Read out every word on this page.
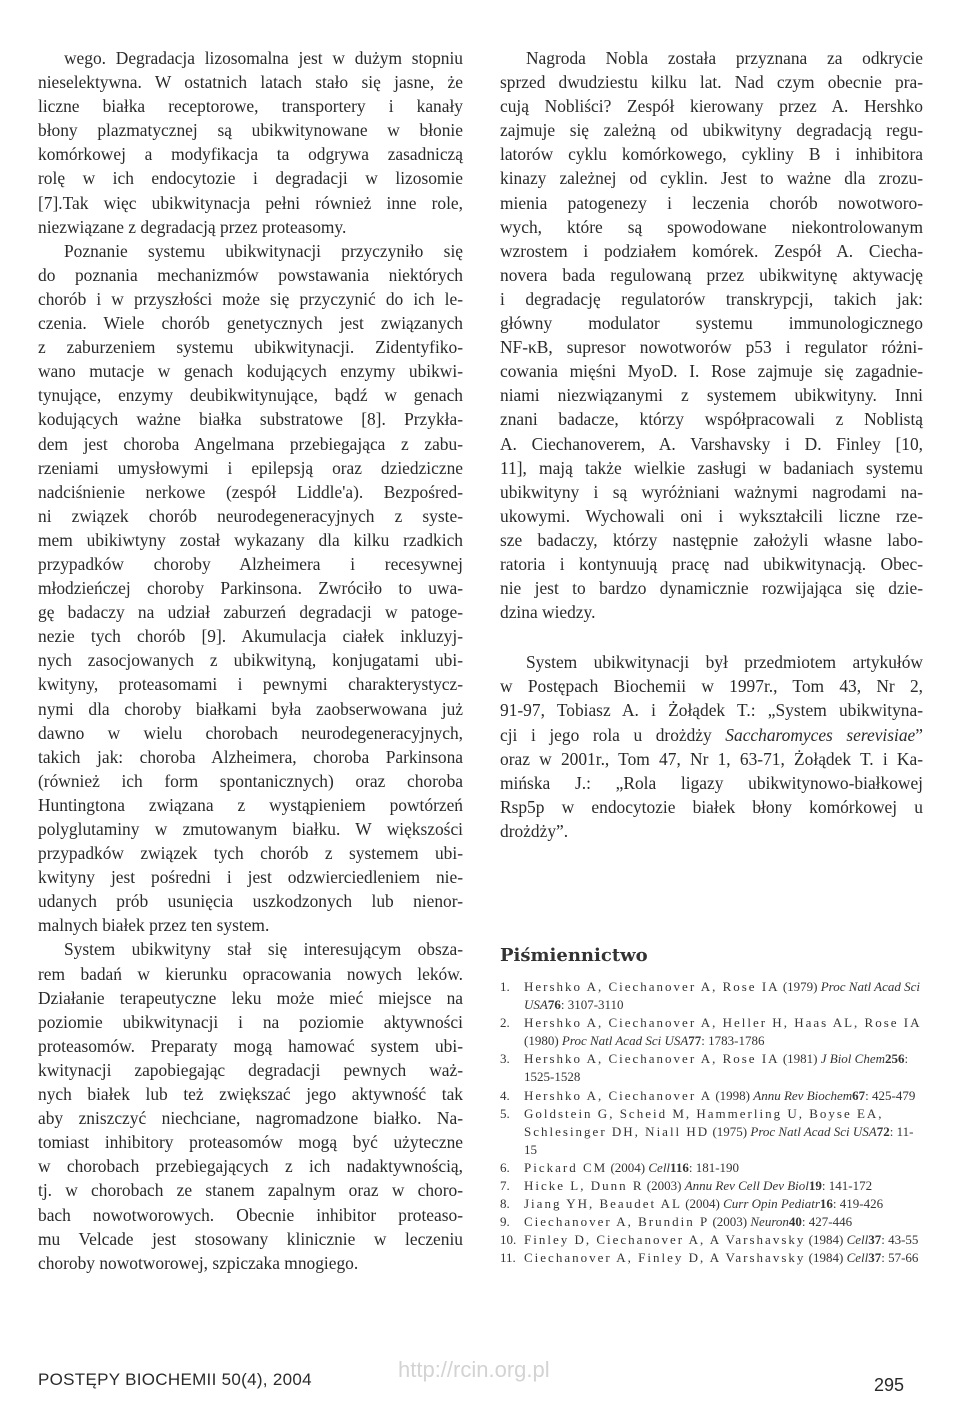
wego. Degradacja lizosomalna jest w dużym stopniu
nieselektywna. W ostatnich latach stało się jasne, że
liczne białka receptorowe, transportery i kanały
błony plazmatycznej są ubikwitynowane w błonie
komórkowej a modyfikacja ta odgrywa zasadniczą
rolę w ich endocytozie i degradacji w lizosomie
[7].Tak więc ubikwitynacja pełni również inne role,
niezwiązane z degradacją przez proteasomy.
Poznanie systemu ubikwitynacji przyczyniło się
do poznania mechanizmów powstawania niektórych
chorób i w przyszłości może się przyczynić do ich le-
czenia. Wiele chorób genetycznych jest związanych
z zaburzeniem systemu ubikwitynacji. Zidentyfiko-
wano mutacje w genach kodujących enzymy ubikwi-
tynujące, enzymy deubikwitynujące, bądź w genach
kodujących ważne białka substratowe [8]. Przykła-
dem jest choroba Angelmana przebiegająca z zabu-
rzeniami umysłowymi i epilepsją oraz dziedziczne
nadciśnienie nerkowe (zespół Liddle'a). Bezpośred-
ni związek chorób neurodegeneracyjnych z syste-
mem ubikiwtyny został wykazany dla kilku rzadkich
przypadków choroby Alzheimera i recesywnej
młodzieńczej choroby Parkinsona. Zwróciło to uwa-
gę badaczy na udział zaburzeń degradacji w patoge-
nezie tych chorób [9]. Akumulacja ciałek inkluzyj-
nych zasocjowanych z ubikwityną, konjugatami ubi-
kwityny, proteasomami i pewnymi charakterystycz-
nymi dla choroby białkami była zaobserwowana już
dawno w wielu chorobach neurodegeneracyjnych,
takich jak: choroba Alzheimera, choroba Parkinsona
(również ich form spontanicznych) oraz choroba
Huntingtona związana z wystąpieniem powtórzeń
polyglutaminy w zmutowanym białku. W większości
przypadków związek tych chorób z systemem ubi-
kwityny jest pośredni i jest odzwierciedleniem nie-
udanych prób usunięcia uszkodzonych lub nienor-
malnych białek przez ten system.
System ubikwityny stał się interesującym obsza-
rem badań w kierunku opracowania nowych leków.
Działanie terapeutyczne leku może mieć miejsce na
poziomie ubikwitynacji i na poziomie aktywności
proteasomów. Preparaty mogą hamować system ubi-
kwitynacji zapobiegając degradacji pewnych waż-
nych białek lub też zwiększać jego aktywność tak
aby zniszczyć niechciane, nagromadzone białko. Na-
tomiast inhibitory proteasomów mogą być użyteczne
w chorobach przebiegających z ich nadaktywnością,
tj. w chorobach ze stanem zapalnym oraz w choro-
bach nowotworowych. Obecnie inhibitor proteaso-
mu Velcade jest stosowany klinicznie w leczeniu
choroby nowotworowej, szpiczaka mnogiego.
Nagroda Nobla została przyznana za odkrycie
sprzed dwudziestu kilku lat. Nad czym obecnie pra-
cują Nobliści? Zespół kierowany przez A. Hershko
zajmuje się zależną od ubikwityny degradacją regu-
latorów cyklu komórkowego, cykliny B i inhibitora
kinazy zależnej od cyklin. Jest to ważne dla zrozu-
mienia patogenezy i leczenia chorób nowotworo-
wych, które są spowodowane niekontrolowanym
wzrostem i podziałem komórek. Zespół A. Ciecha-
novera bada regulowaną przez ubikwitynę aktywację
i degradację regulatorów transkrypcji, takich jak:
główny modulator systemu immunologicznego
NF-κB, supresor nowotworów p53 i regulator różni-
cowania mięśni MyoD. I. Rose zajmuje się zagadnie-
niami niezwiązanymi z systemem ubikwityny. Inni
znani badacze, którzy współpracowali z Noblistą
A. Ciechanoverem, A. Varshavsky i D. Finley [10,
11], mają także wielkie zasługi w badaniach systemu
ubikwityny i są wyróżniani ważnymi nagrodami na-
ukowymi. Wychowali oni i wykształcili liczne rze-
sze badaczy, którzy następnie założyli własne labo-
ratoria i kontynuują pracę nad ubikwitynacją. Obec-
nie jest to bardzo dynamicznie rozwijająca się dzie-
dzina wiedzy.
System ubikwitynacji był przedmiotem artykułów
w Postępach Biochemii w 1997r., Tom 43, Nr 2,
91-97, Tobiasz A. i Żołądek T.: „System ubikwityna-
cji i jego rola u drożdży Saccharomyces serevisiae”
oraz w 2001r., Tom 47, Nr 1, 63-71, Żołądek T. i Ka-
mińska J.: „Rola ligazy ubikwitynowo-białkowej
Rsp5p w endocytozie białek błony komórkowej u
drożdży”.
Piśmiennictwo
1.	Hershko A, Ciechanover A, Rose IA (1979) Proc Natl Acad Sci USA76: 3107-3110
2.	Hershko A, Ciechanover A, Heller H, Haas AL, Rose IA (1980) Proc Natl Acad Sci USA77: 1783-1786
3.	Hershko A, Ciechanover A, Rose IA (1981) J Biol Chem256: 1525-1528
4.	Hershko A, Ciechanover A (1998) Annu Rev Biochem67: 425-479
5.	Goldstein G, Scheid M, Hammerling U, Boyse EA, Schlesinger DH, Niall HD (1975) Proc Natl Acad Sci USA72: 11-15
6.	Pickard CM (2004) Cell116: 181-190
7.	Hicke L, Dunn R (2003) Annu Rev Cell Dev Biol19: 141-172
8.	Jiang YH, Beaudet AL (2004) Curr Opin Pediatr16: 419-426
9.	Ciechanover A, Brundin P (2003) Neuron40: 427-446
10. Finley D, Ciechanover A, A Varshavsky (1984) Cell37: 43-55
11. Ciechanover A, Finley D, A Varshavsky (1984) Cell37: 57-66
POSTĘPY BIOCHEMII 50(4), 2004	http://rcin.org.pl
295
